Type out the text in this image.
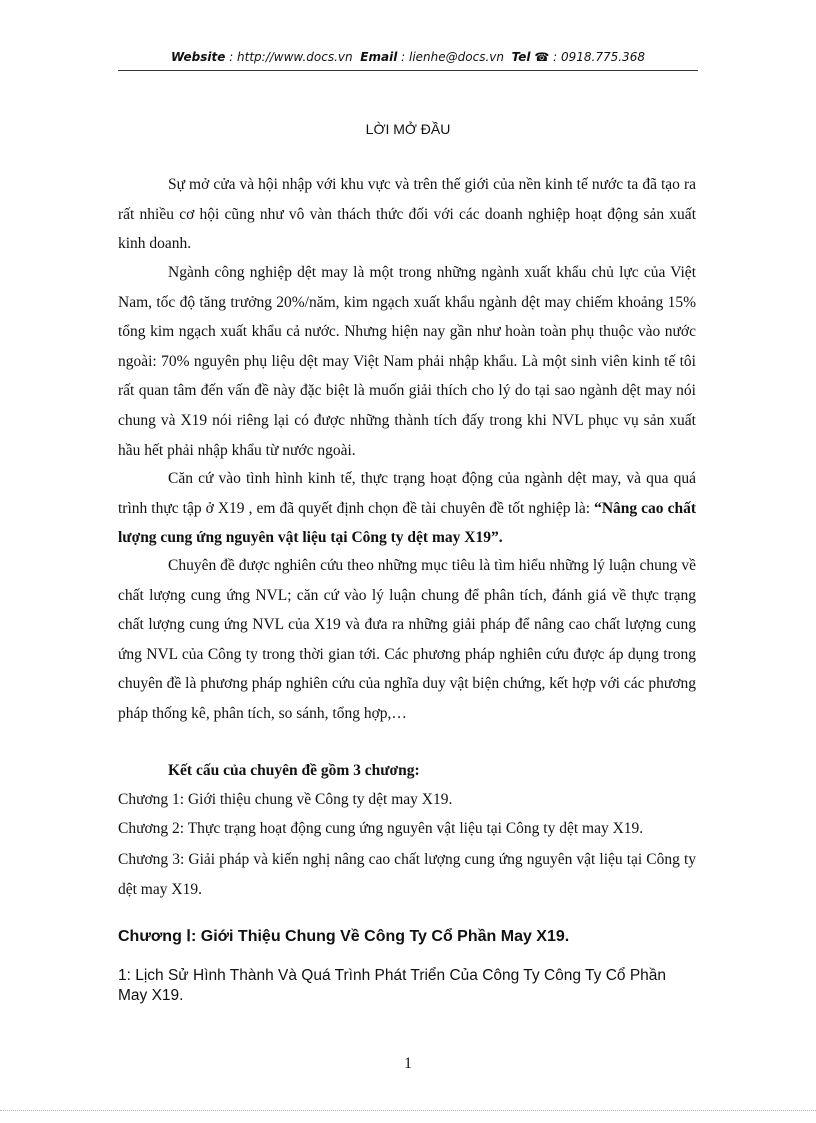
Website : http://www.docs.vn Email : lienhe@docs.vn Tel ☎ : 0918.775.368
LỜI MỞ ĐẦU
Sự mở cửa và hội nhập với khu vực và trên thế giới của nền kinh tế nước ta đã tạo ra rất nhiều cơ hội cũng như vô vàn thách thức đối với các doanh nghiệp hoạt động sản xuất kinh doanh.
Ngành công nghiệp dệt may là một trong những ngành xuất khẩu chủ lực của Việt Nam, tốc độ tăng trưởng 20%/năm, kim ngạch xuất khẩu ngành dệt may chiếm khoảng 15% tổng kim ngạch xuất khẩu cả nước. Nhưng hiện nay gần như hoàn toàn phụ thuộc vào nước ngoài: 70% nguyên phụ liệu dệt may Việt Nam phải nhập khẩu. Là một sinh viên kinh tế tôi rất quan tâm đến vấn đề này đặc biệt là muốn giải thích cho lý do tại sao ngành dệt may nói chung và X19 nói riêng lại có được những thành tích đấy trong khi NVL phục vụ sản xuất hầu hết phải nhập khẩu từ nước ngoài.
Căn cứ vào tình hình kinh tế, thực trạng hoạt động của ngành dệt may, và qua quá trình thực tập ở X19 , em đã quyết định chọn đề tài chuyên đề tốt nghiệp là: “Nâng cao chất lượng cung ứng nguyên vật liệu tại Công ty dệt may X19”.
Chuyên đề được nghiên cứu theo những mục tiêu là tìm hiểu những lý luận chung về chất lượng cung ứng NVL; căn cứ vào lý luận chung để phân tích, đánh giá về thực trạng chất lượng cung ứng NVL của X19 và đưa ra những giải pháp để nâng cao chất lượng cung ứng NVL của Công ty trong thời gian tới. Các phương pháp nghiên cứu được áp dụng trong chuyên đề là phương pháp nghiên cứu của nghĩa duy vật biện chứng, kết hợp với các phương pháp thống kê, phân tích, so sánh, tổng hợp,…
Kết cấu của chuyên đề gồm 3 chương:
Chương 1: Giới thiệu chung về Công ty dệt may X19.
Chương 2: Thực trạng hoạt động cung ứng nguyên vật liệu tại Công ty dệt may X19.
Chương 3: Giải pháp và kiến nghị nâng cao chất lượng cung ứng nguyên vật liệu tại Công ty dệt may X19.
Chương Ⅰ: Giới Thiệu Chung Về Công Ty Cổ Phần May X19.
1: Lịch Sử Hình Thành Và Quá Trình Phát Triển Của Công Ty Công Ty Cổ Phần May X19.
1
